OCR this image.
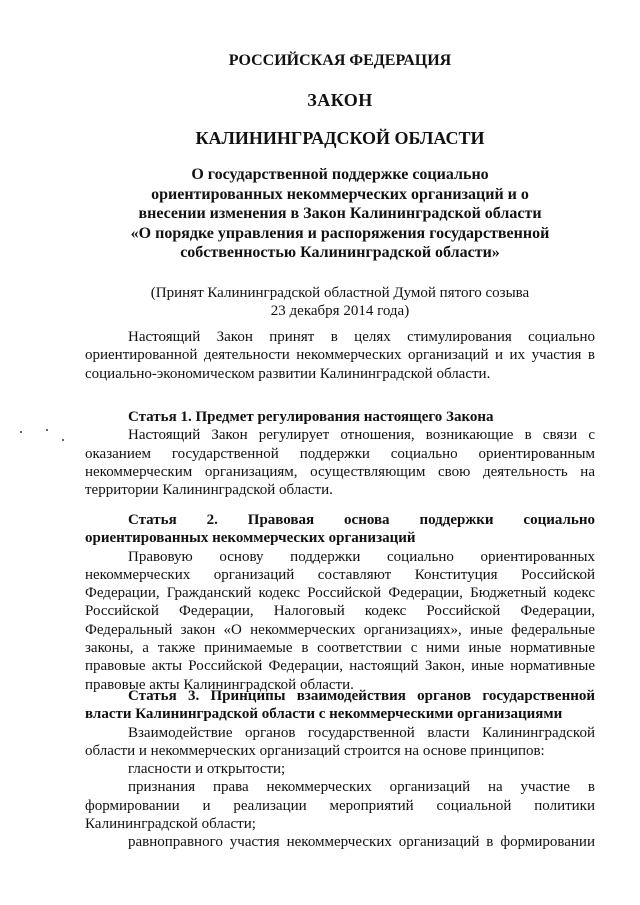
РОССИЙСКАЯ ФЕДЕРАЦИЯ
ЗАКОН
КАЛИНИНГРАДСКОЙ ОБЛАСТИ
О государственной поддержке социально
ориентированных некоммерческих организаций и о
внесении изменения в Закон Калининградской области
«О порядке управления и распоряжения государственной
собственностью Калининградской области»
(Принят Калининградской областной Думой пятого созыва
23 декабря 2014 года)
Настоящий Закон принят в целях стимулирования социально
ориентированной деятельности некоммерческих организаций и их участия в
социально-экономическом развитии Калининградской области.
Статья 1. Предмет регулирования настоящего Закона
Настоящий Закон регулирует отношения, возникающие в связи с
оказанием государственной поддержки социально ориентированным
некоммерческим организациям, осуществляющим свою деятельность на
территории Калининградской области.
Статья 2. Правовая основа поддержки социально
ориентированных некоммерческих организаций
Правовую основу поддержки социально ориентированных
некоммерческих организаций составляют Конституция Российской
Федерации, Гражданский кодекс Российской Федерации, Бюджетный кодекс
Российской Федерации, Налоговый кодекс Российской Федерации,
Федеральный закон «О некоммерческих организациях», иные федеральные
законы, а также принимаемые в соответствии с ними иные нормативные
правовые акты Российской Федерации, настоящий Закон, иные нормативные
правовые акты Калининградской области.
Статья 3. Принципы взаимодействия органов государственной
власти Калининградской области с некоммерческими организациями
Взаимодействие органов государственной власти Калининградской
области и некоммерческих организаций строится на основе принципов:
гласности и открытости;
признания права некоммерческих организаций на участие в
формировании и реализации мероприятий социальной политики
Калининградской области;
равноправного участия некоммерческих организаций в формировании
